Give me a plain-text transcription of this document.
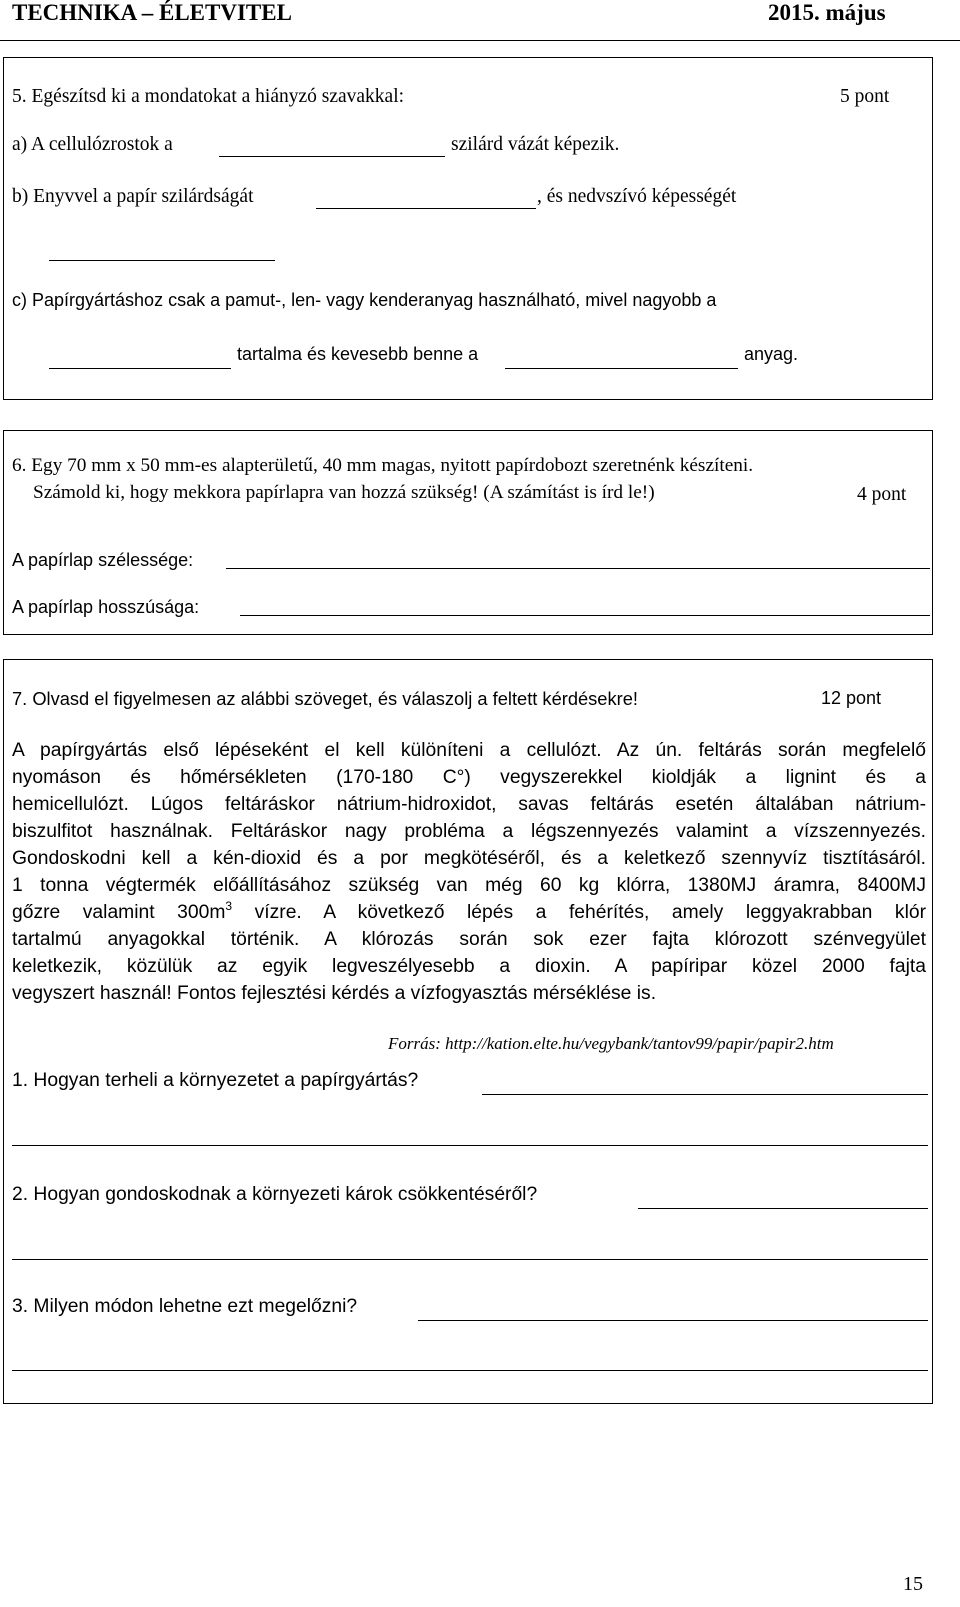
TECHNIKA – ÉLETVITEL	2015. május
5. Egészítsd ki a mondatokat a hiányzó szavakkal:	5 pont
a) A cellulózrostok a	szilárd vázát képezik.
b) Enyvvel a papír szilárdságát	, és nedvszívó képességét
c) Papírgyártáshoz csak a pamut-, len- vagy kenderanyag használható, mivel nagyobb a
tartalma és kevesebb benne a	anyag.
6. Egy 70 mm x 50 mm-es alapterületű, 40 mm magas, nyitott papírdobozt szeretnénk készíteni.
Számold ki, hogy mekkora papírlapra van hozzá szükség! (A számítást is írd le!)	4 pont
A papírlap szélessége:
A papírlap hosszúsága:
7. Olvasd el figyelmesen az alábbi szöveget, és válaszolj a feltett kérdésekre!	12 pont
A papírgyártás első lépéseként el kell különíteni a cellulózt. Az ún. feltárás során megfelelő
nyomáson és hőmérsékleten (170-180 C°) vegyszerekkel kioldják a lignint és a
hemicellulózt. Lúgos feltáráskor nátrium-hidroxidot, savas feltárás esetén általában nátrium-
biszulfitot használnak. Feltáráskor nagy probléma a légszennyezés valamint a vízszennyezés.
Gondoskodni kell a kén-dioxid és a por megkötéséről, és a keletkező szennyvíz tisztításáról.
1 tonna végtermék előállításához szükség van még 60 kg klórra, 1380MJ áramra, 8400MJ
gőzre valamint $300m^3$ vízre. A következő lépés a fehérítés, amely leggyakrabban klór
tartalmú anyagokkal történik. A klórozás során sok ezer fajta klórozott szénvegyület
keletkezik, közülük az egyik legveszélyesebb a dioxin. A papíripar közel 2000 fajta
vegyszert használ! Fontos fejlesztési kérdés a vízfogyasztás mérséklése is.
Forrás: http://kation.elte.hu/vegybank/tantov99/papir/papir2.htm
1. Hogyan terheli a környezetet a papírgyártás?
2. Hogyan gondoskodnak a környezeti károk csökkentéséről?
3. Milyen módon lehetne ezt megelőzni?
15
